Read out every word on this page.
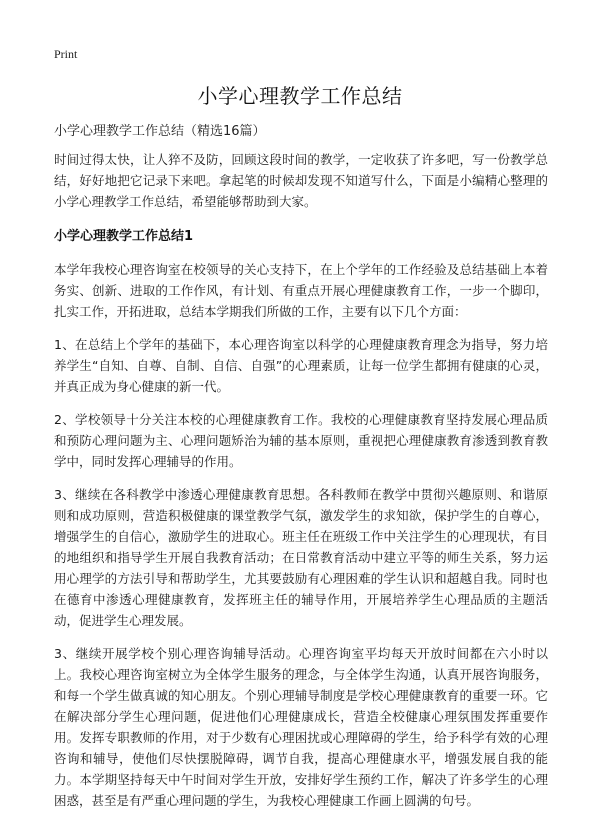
Print
小学心理教学工作总结

小学心理教学工作总结（精选16篇）

时间过得太快，让人猝不及防，回顾这段时间的教学，一定收获了许多吧，写一份教学总结，好好地把它记录下来吧。拿起笔的时候却发现不知道写什么，下面是小编精心整理的小学心理教学工作总结，希望能够帮助到大家。

小学心理教学工作总结1

本学年我校心理咨询室在校领导的关心支持下，在上个学年的工作经验及总结基础上本着务实、创新、进取的工作作风，有计划、有重点开展心理健康教育工作，一步一个脚印，扎实工作，开拓进取，总结本学期我们所做的工作，主要有以下几个方面：

1、在总结上个学年的基础下，本心理咨询室以科学的心理健康教育理念为指导，努力培养学生“自知、自尊、自制、自信、自强”的心理素质，让每一位学生都拥有健康的心灵，并真正成为身心健康的新一代。

2、学校领导十分关注本校的心理健康教育工作。我校的心理健康教育坚持发展心理品质和预防心理问题为主、心理问题矫治为辅的基本原则，重视把心理健康教育渗透到教育教学中，同时发挥心理辅导的作用。

3、继续在各科教学中渗透心理健康教育思想。各科教师在教学中贯彻兴趣原则、和谐原则和成功原则，营造积极健康的课堂教学气氛，激发学生的求知欲，保护学生的自尊心，增强学生的自信心，激励学生的进取心。班主任在班级工作中关注学生的心理现状，有目的地组织和指导学生开展自我教育活动；在日常教育活动中建立平等的师生关系，努力运用心理学的方法引导和帮助学生，尤其要鼓励有心理困难的学生认识和超越自我。同时也在德育中渗透心理健康教育，发挥班主任的辅导作用，开展培养学生心理品质的主题活动，促进学生心理发展。

3、继续开展学校个别心理咨询辅导活动。心理咨询室平均每天开放时间都在六小时以上。我校心理咨询室树立为全体学生服务的理念，与全体学生沟通，认真开展咨询服务，和每一个学生做真诚的知心朋友。个别心理辅导制度是学校心理健康教育的重要一环。它在解决部分学生心理问题，促进他们心理健康成长，营造全校健康心理氛围发挥重要作用。发挥专职教师的作用，对于少数有心理困扰或心理障碍的学生，给予科学有效的心理咨询和辅导，使他们尽快摆脱障碍，调节自我，提高心理健康水平，增强发展自我的能力。本学期坚持每天中午时间对学生开放，安排好学生预约工作，解决了许多学生的心理困惑，甚至是有严重心理问题的学生，为我校心理健康工作画上圆满的句号。
